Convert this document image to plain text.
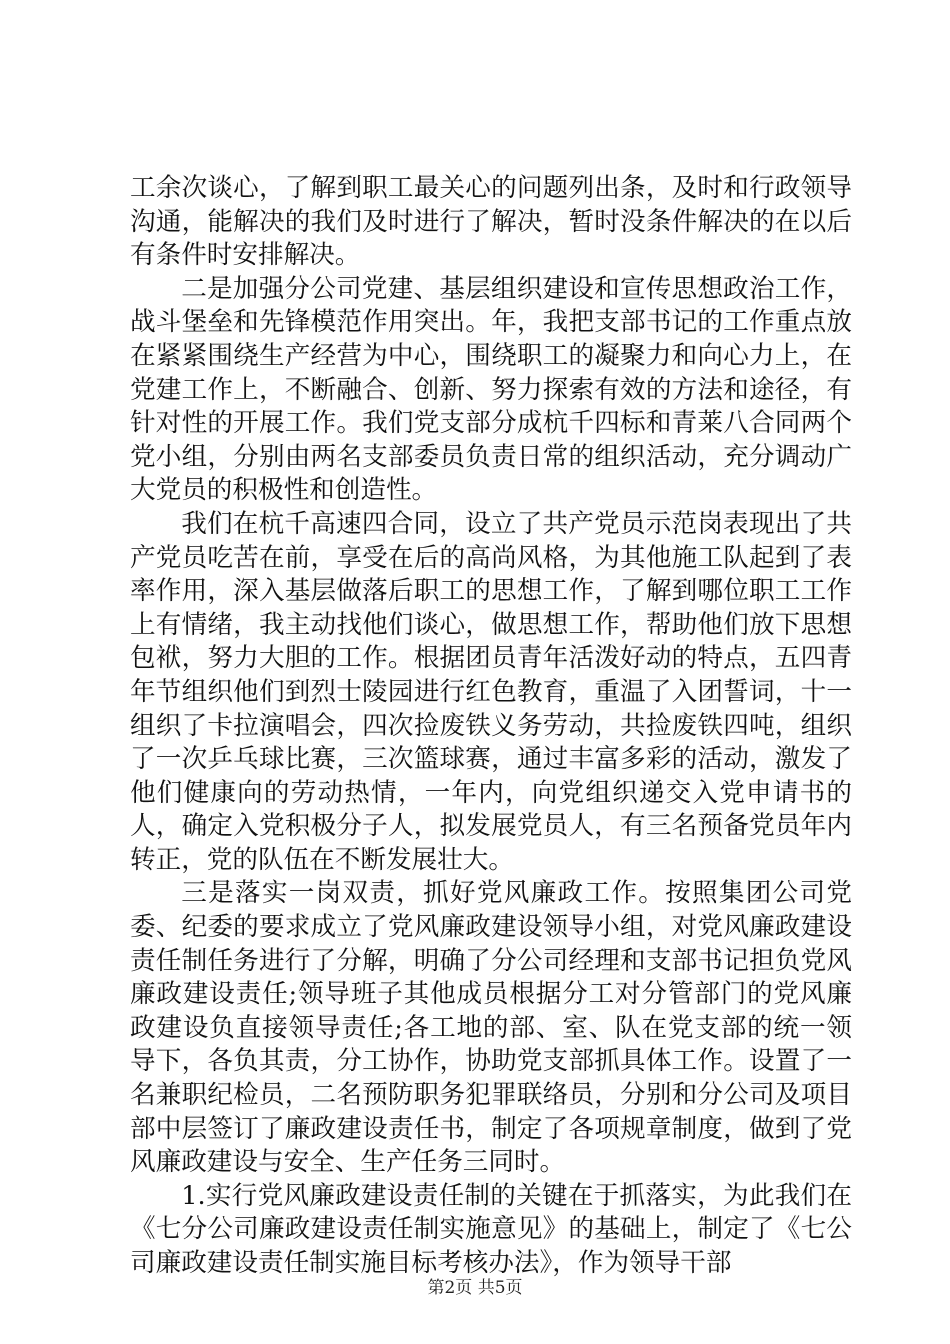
工余次谈心，了解到职工最关心的问题列出条，及时和行政领导沟通，能解决的我们及时进行了解决，暂时没条件解决的在以后有条件时安排解决。

二是加强分公司党建、基层组织建设和宣传思想政治工作，战斗堡垒和先锋模范作用突出。年，我把支部书记的工作重点放在紧紧围绕生产经营为中心，围绕职工的凝聚力和向心力上，在党建工作上，不断融合、创新、努力探索有效的方法和途径，有针对性的开展工作。我们党支部分成杭千四标和青莱八合同两个党小组，分别由两名支部委员负责日常的组织活动，充分调动广大党员的积极性和创造性。

我们在杭千高速四合同，设立了共产党员示范岗表现出了共产党员吃苦在前，享受在后的高尚风格，为其他施工队起到了表率作用，深入基层做落后职工的思想工作，了解到哪位职工工作上有情绪，我主动找他们谈心，做思想工作，帮助他们放下思想包袱，努力大胆的工作。根据团员青年活泼好动的特点，五四青年节组织他们到烈士陵园进行红色教育，重温了入团誓词，十一组织了卡拉演唱会，四次捡废铁义务劳动，共捡废铁四吨，组织了一次乒乓球比赛，三次篮球赛，通过丰富多彩的活动，激发了他们健康向的劳动热情，一年内，向党组织递交入党申请书的人，确定入党积极分子人，拟发展党员人，有三名预备党员年内转正，党的队伍在不断发展壮大。

三是落实一岗双责，抓好党风廉政工作。按照集团公司党委、纪委的要求成立了党风廉政建设领导小组，对党风廉政建设责任制任务进行了分解，明确了分公司经理和支部书记担负党风廉政建设责任;领导班子其他成员根据分工对分管部门的党风廉政建设负直接领导责任;各工地的部、室、队在党支部的统一领导下，各负其责，分工协作，协助党支部抓具体工作。设置了一名兼职纪检员，二名预防职务犯罪联络员，分别和分公司及项目部中层签订了廉政建设责任书，制定了各项规章制度，做到了党风廉政建设与安全、生产任务三同时。

1.实行党风廉政建设责任制的关键在于抓落实，为此我们在《七分公司廉政建设责任制实施意见》的基础上，制定了《七公司廉政建设责任制实施目标考核办法》，作为领导干部

第2页 共5页
